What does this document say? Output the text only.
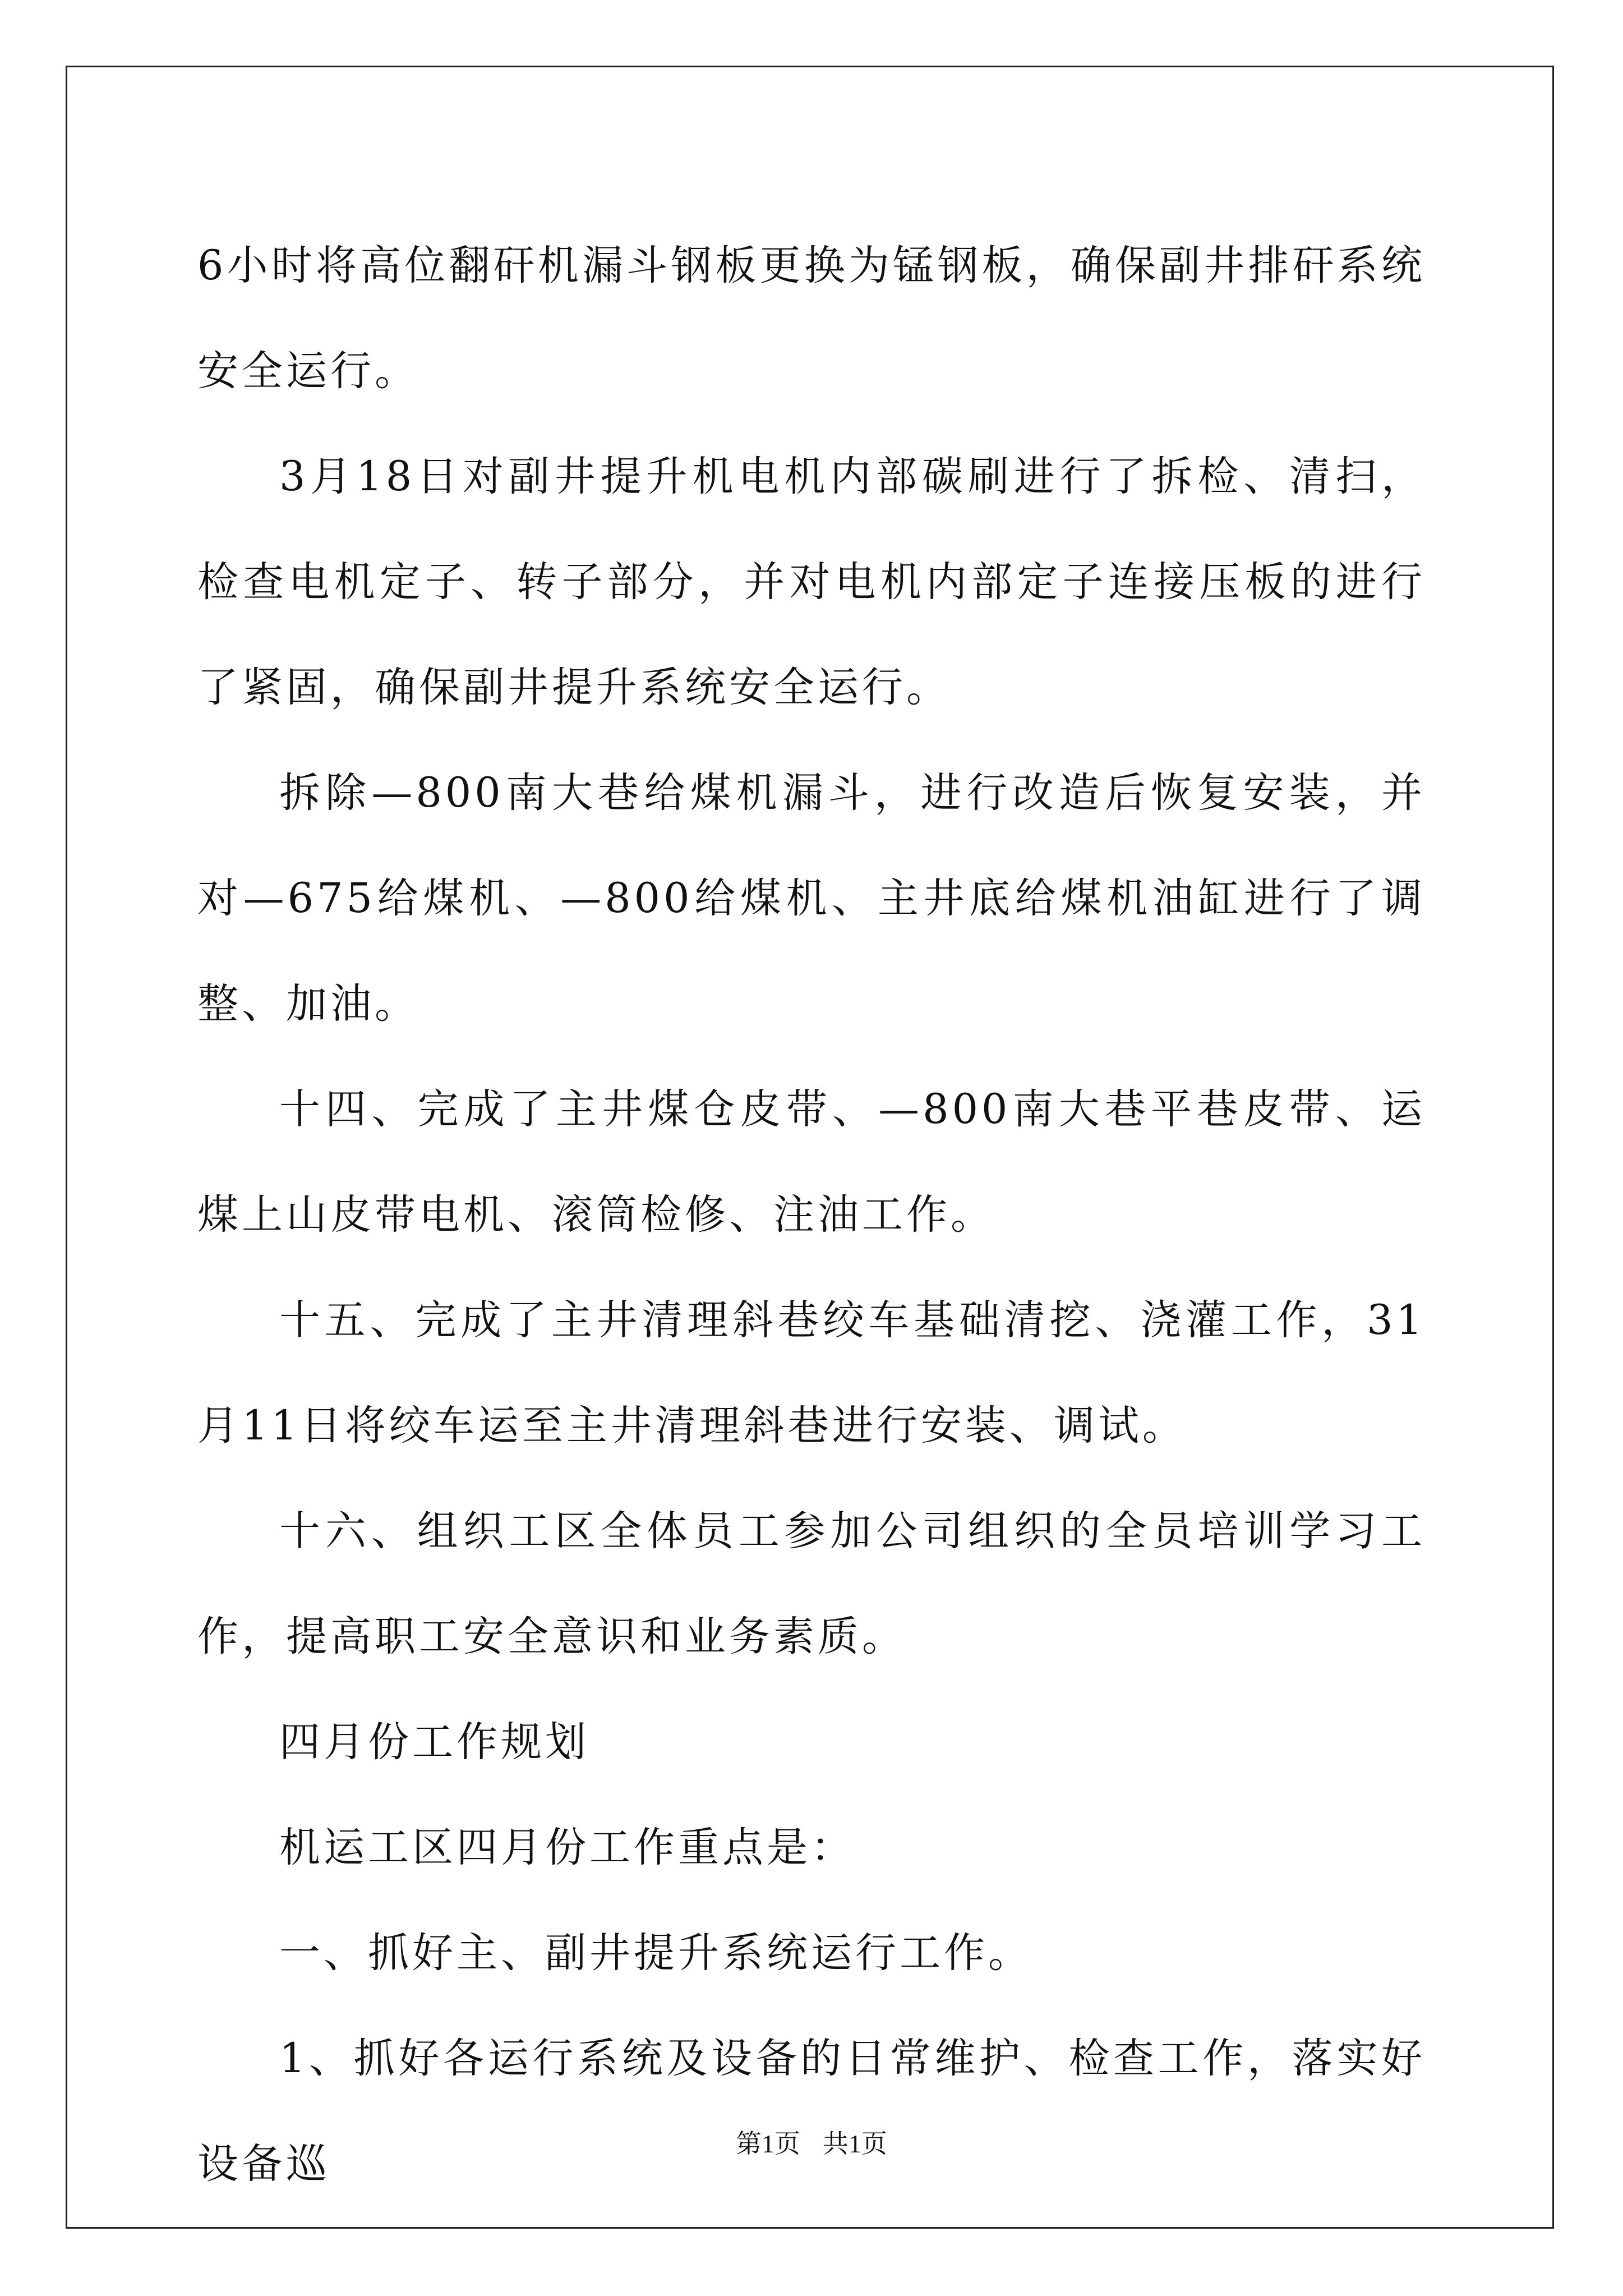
6小时将高位翻矸机漏斗钢板更换为锰钢板，确保副井排矸系统安全运行。

3月18日对副井提升机电机内部碳刷进行了拆检、清扫，检查电机定子、转子部分，并对电机内部定子连接压板的进行了紧固，确保副井提升系统安全运行。

拆除—800南大巷给煤机漏斗，进行改造后恢复安装，并对—675给煤机、—800给煤机、主井底给煤机油缸进行了调整、加油。

十四、完成了主井煤仓皮带、—800南大巷平巷皮带、运煤上山皮带电机、滚筒检修、注油工作。

十五、完成了主井清理斜巷绞车基础清挖、浇灌工作，31月11日将绞车运至主井清理斜巷进行安装、调试。

十六、组织工区全体员工参加公司组织的全员培训学习工作，提高职工安全意识和业务素质。

四月份工作规划

机运工区四月份工作重点是：

一、抓好主、副井提升系统运行工作。

1、抓好各运行系统及设备的日常维护、检查工作，落实好设备巡	第1页 共1页
